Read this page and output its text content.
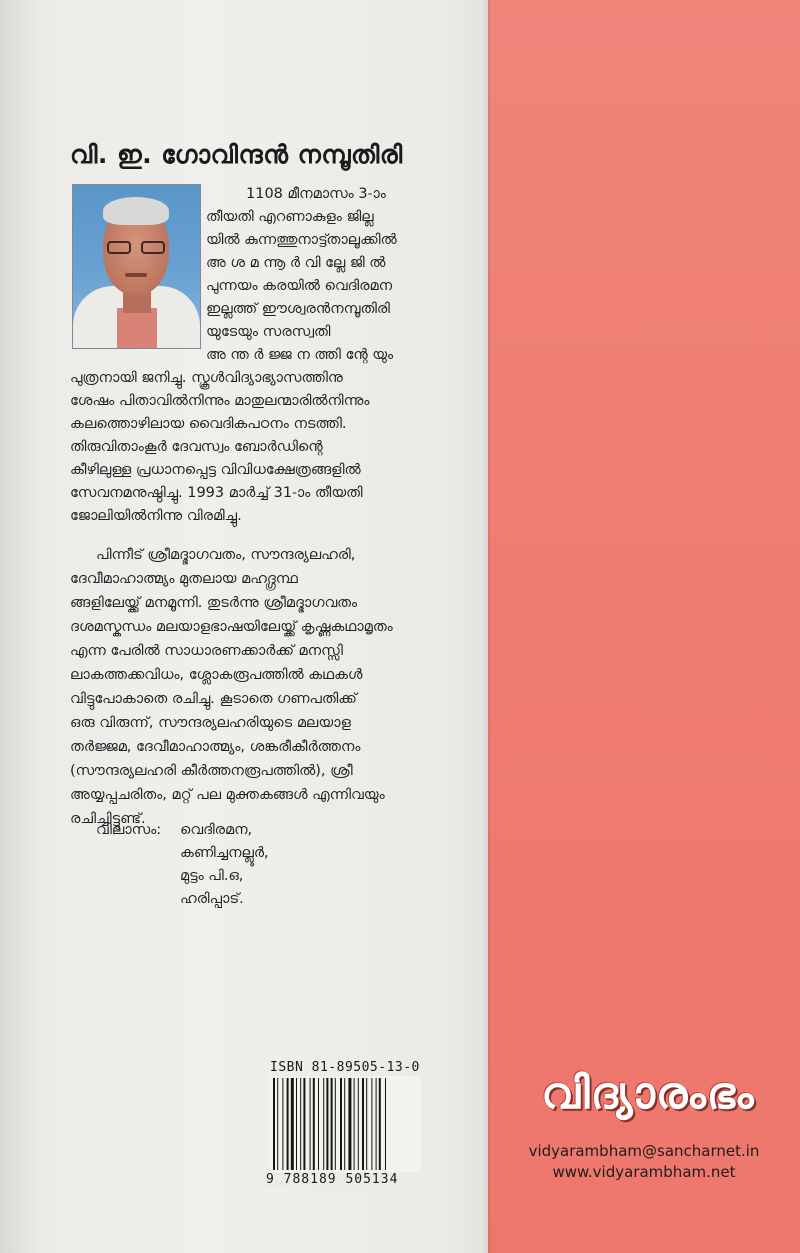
വി. ഇ. ഗോവിന്ദൻ നമ്പൂതിരി
1108 മീനമാസം 3-ാം
തീയതി എറണാകുളം ജില്ല
യിൽ കുന്നത്തുനാട്ട്താലൂക്കിൽ
അ ശ മ ന്നൂ ർ വി ല്ലേ ജി ൽ
പുന്നയം കരയിൽ വെദിരമന
ഇല്ലത്ത് ഈശ്വരൻനമ്പൂതിരി
യുടേയും സരസ്വതി
അ ന്ത ർ ജ്ജ ന ത്തി ന്റേ യും
പുത്രനായി ജനിച്ചു. സ്കൂൾവിദ്യാഭ്യാസത്തിനു
ശേഷം പിതാവിൽനിന്നും മാതുലന്മാരിൽനിന്നും
കലത്തൊഴിലായ വൈദികപഠനം നടത്തി.
തിരുവിതാംകൂർ ദേവസ്വം ബോർഡിന്റെ
കീഴിലുള്ള പ്രധാനപ്പെട്ട വിവിധക്ഷേത്രങ്ങളിൽ
സേവനമനുഷ്ഠിച്ചു. 1993 മാർച്ച് 31-ാം തീയതി
ജോലിയിൽനിന്നു വിരമിച്ചു.
പിന്നീട് ശ്രീമദ്ഭാഗവതം, സൗന്ദര്യലഹരി,
ദേവീമാഹാത്മ്യം മുതലായ മഹദ്ഗ്രന്ഥ
ങ്ങളിലേയ്ക്ക് മനമൂന്നി. തുടർന്നു ശ്രീമദ്ഭാഗവതം
ദശമസ്കന്ധം മലയാളഭാഷയിലേയ്ക്ക് കൃഷ്ണകഥാമൃതം
എന്ന പേരിൽ സാധാരണക്കാർക്ക് മനസ്സി
ലാകത്തക്കവിധം, ശ്ലോകരൂപത്തിൽ കഥകൾ
വിട്ടുപോകാതെ രചിച്ചു. കൂടാതെ ഗണപതിക്ക്
ഒരു വിരുന്ന്, സൗന്ദര്യലഹരിയുടെ മലയാള
തർജ്ജമ, ദേവീമാഹാത്മ്യം, ശങ്കരീകീർത്തനം
(സൗന്ദര്യലഹരി കീർത്തനരൂപത്തിൽ), ശ്രീ
അയ്യപ്പചരിതം, മറ്റ് പല മുക്തകങ്ങൾ എന്നിവയും
രചിച്ചിട്ടുണ്ട്.
വിലാസം: വെദിരമന,
കണിച്ചനല്ലൂർ,
മുട്ടം പി.ഒ,
ഹരിപ്പാട്.
ISBN 81-89505-13-0
9 788189 505134
വിദ്യാരംഭം
vidyarambham@sancharnet.in
www.vidyarambham.net
